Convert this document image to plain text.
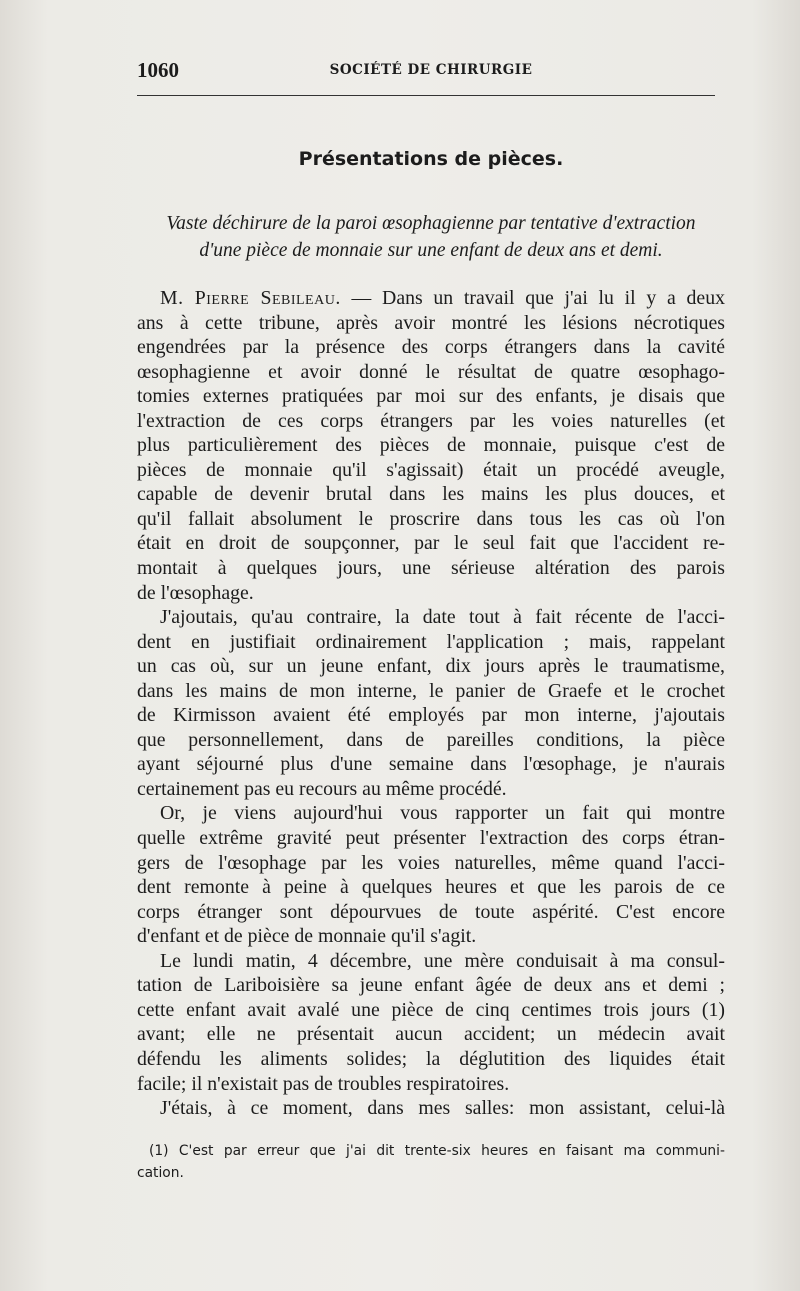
1060	SOCIÉTÉ DE CHIRURGIE
Présentations de pièces.
Vaste déchirure de la paroi œsophagienne par tentative d'extraction
d'une pièce de monnaie sur une enfant de deux ans et demi.
M. Pierre Sebileau. — Dans un travail que j'ai lu il y a deux
ans à cette tribune, après avoir montré les lésions nécrotiques
engendrées par la présence des corps étrangers dans la cavité
œsophagienne et avoir donné le résultat de quatre œsophago-
tomies externes pratiquées par moi sur des enfants, je disais que
l'extraction de ces corps étrangers par les voies naturelles (et
plus particulièrement des pièces de monnaie, puisque c'est de
pièces de monnaie qu'il s'agissait) était un procédé aveugle,
capable de devenir brutal dans les mains les plus douces, et
qu'il fallait absolument le proscrire dans tous les cas où l'on
était en droit de soupçonner, par le seul fait que l'accident re-
montait à quelques jours, une sérieuse altération des parois
de l'œsophage.
J'ajoutais, qu'au contraire, la date tout à fait récente de l'acci-
dent en justifiait ordinairement l'application ; mais, rappelant
un cas où, sur un jeune enfant, dix jours après le traumatisme,
dans les mains de mon interne, le panier de Graefe et le crochet
de Kirmisson avaient été employés par mon interne, j'ajoutais
que personnellement, dans de pareilles conditions, la pièce
ayant séjourné plus d'une semaine dans l'œsophage, je n'aurais
certainement pas eu recours au même procédé.
Or, je viens aujourd'hui vous rapporter un fait qui montre
quelle extrême gravité peut présenter l'extraction des corps étran-
gers de l'œsophage par les voies naturelles, même quand l'acci-
dent remonte à peine à quelques heures et que les parois de ce
corps étranger sont dépourvues de toute aspérité. C'est encore
d'enfant et de pièce de monnaie qu'il s'agit.
Le lundi matin, 4 décembre, une mère conduisait à ma consul-
tation de Lariboisière sa jeune enfant âgée de deux ans et demi ;
cette enfant avait avalé une pièce de cinq centimes trois jours (1)
avant; elle ne présentait aucun accident; un médecin avait
défendu les aliments solides; la déglutition des liquides était
facile; il n'existait pas de troubles respiratoires.
J'étais, à ce moment, dans mes salles: mon assistant, celui-là
(1) C'est par erreur que j'ai dit trente-six heures en faisant ma communi-
cation.
